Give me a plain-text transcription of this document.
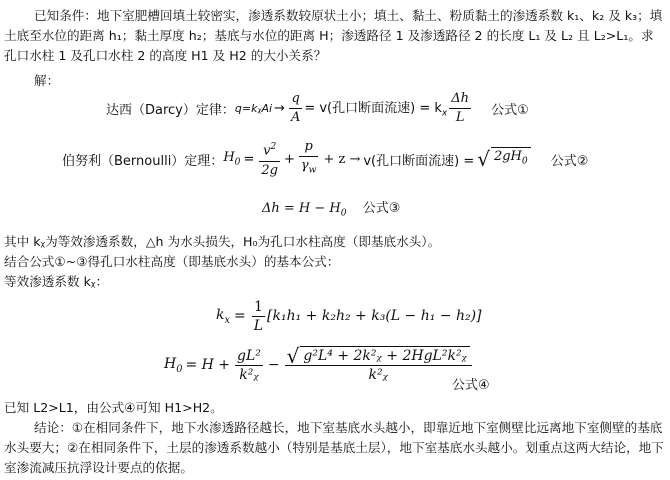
已知条件：地下室肥槽回填土较密实，渗透系数较原状土小；填土、黏土、粉质黏土的渗透系数 k₁、k₂ 及 k₃；填土底至水位的距离 h₁；黏土厚度 h₂；基底与水位的距离 H；渗透路径 1 及渗透路径 2 的长度 L₁ 及 L₂ 且 L₂>L₁。求孔口水柱 1 及孔口水柱 2 的高度 H1 及 H2 的大小关系？

解：
达西（Darcy）定律： q=kᵪAi → $\frac{q}{A} = v$(孔口断面流速) = $k_x \frac{\Delta h}{L}$ 公式①
伯努利（Bernoulli）定理： $H_0 = \frac{v^2}{2g} + \frac{p}{\gamma_w} + z \to v$(孔口断面流速) = √ $2gH_0$ 公式②
$\Delta h = H - H_0$ 公式③

其中 kᵪ为等效渗透系数，△h 为水头损失，H₀为孔口水柱高度（即基底水头）。

结合公式①~③得孔口水柱高度（即基底水头）的基本公式：

等效渗透系数 kᵪ：

$k_x = \frac{1}{L} [k_1h_1 + k_2h_2 + k_3(L - h_1 - h_2)]$
$H_0 = H + \frac{\text{gL²}}{\text{k²ᵪ}} - \frac{\text{√ g²L⁴ + 2k²ᵪ + 2HgL²k²ᵪ}}{\text{k²ᵪ}}$
公式④

已知 L2>L1，由公式④可知 H1>H2。

结论：①在相同条件下，地下水渗透路径越长，地下室基底水头越小，即靠近地下室侧壁比远离地下室侧壁的基底水头要大；②在相同条件下，土层的渗透系数越小（特别是基底土层），地下室基底水头越小。划重点这两大结论，地下室渗流减压抗浮设计要点的依据。
